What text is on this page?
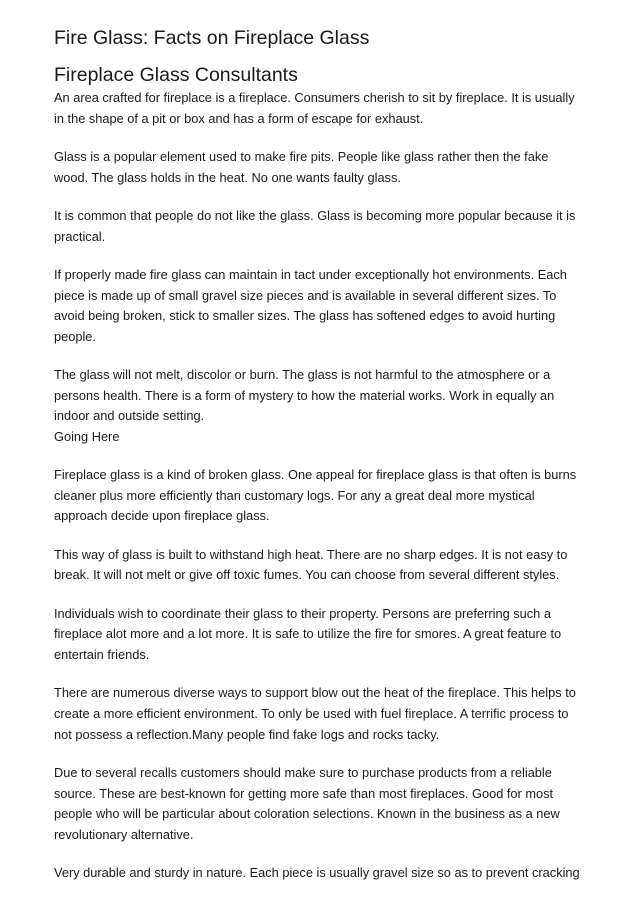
Fire Glass: Facts on Fireplace Glass
Fireplace Glass Consultants

An area crafted for fireplace is a fireplace. Consumers cherish to sit by fireplace. It is usually
in the shape of a pit or box and has a form of escape for exhaust.

Glass is a popular element used to make fire pits. People like glass rather then the fake
wood. The glass holds in the heat. No one wants faulty glass.

It is common that people do not like the glass. Glass is becoming more popular because it is
practical.

If properly made fire glass can maintain in tact under exceptionally hot environments. Each
piece is made up of small gravel size pieces and is available in several different sizes. To
avoid being broken, stick to smaller sizes. The glass has softened edges to avoid hurting
people.

The glass will not melt, discolor or burn. The glass is not harmful to the atmosphere or a
persons health. There is a form of mystery to how the material works. Work in equally an
indoor and outside setting.
Going Here

Fireplace glass is a kind of broken glass. One appeal for fireplace glass is that often is burns
cleaner plus more efficiently than customary logs. For any a great deal more mystical
approach decide upon fireplace glass.

This way of glass is built to withstand high heat. There are no sharp edges. It is not easy to
break. It will not melt or give off toxic fumes. You can choose from several different styles.

Individuals wish to coordinate their glass to their property. Persons are preferring such a
fireplace alot more and a lot more. It is safe to utilize the fire for smores. A great feature to
entertain friends.

There are numerous diverse ways to support blow out the heat of the fireplace. This helps to
create a more efficient environment. To only be used with fuel fireplace. A terrific process to
not possess a reflection.Many people find fake logs and rocks tacky.

Due to several recalls customers should make sure to purchase products from a reliable
source. These are best-known for getting more safe than most fireplaces. Good for most
people who will be particular about coloration selections. Known in the business as a new
revolutionary alternative.

Very durable and sturdy in nature. Each piece is usually gravel size so as to prevent cracking
